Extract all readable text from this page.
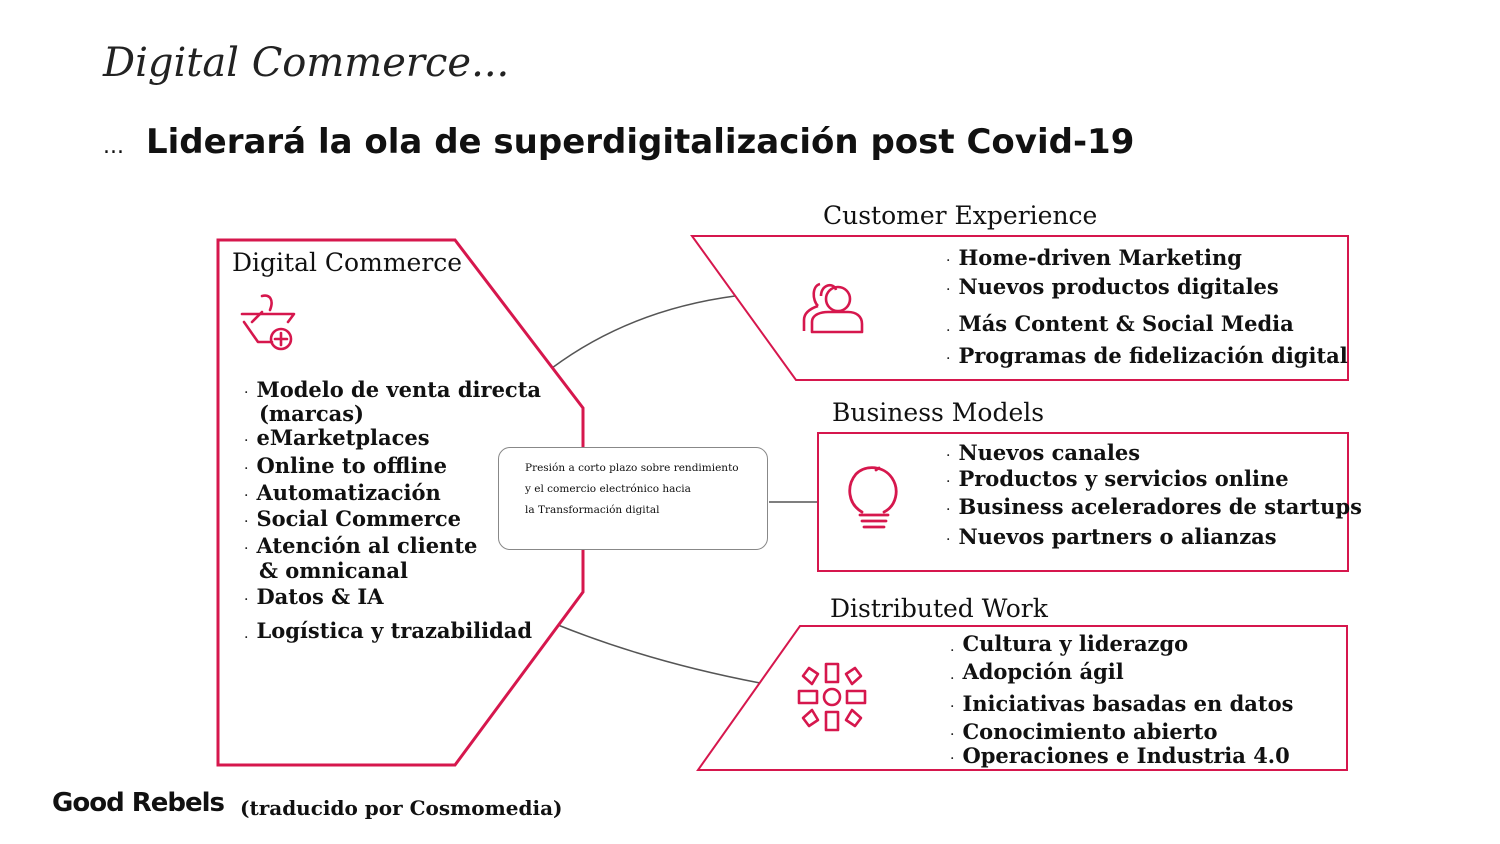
Digital Commerce...
... Liderará la ola de superdigitalización post Covid-19
Digital Commerce
· Modelo de venta directa
(marcas)
· eMarketplaces
· Online to offline
· Automatización
· Social Commerce
· Atención al cliente
& omnicanal
· Datos & IA
. Logística y trazabilidad
Presión a corto plazo sobre rendimiento
y el comercio electrónico hacia
la Transformación digital
Customer Experience
· Home-driven Marketing
· Nuevos productos digitales
. Más Content & Social Media
· Programas de fidelización digital
Business Models
· Nuevos canales
· Productos y servicios online
· Business aceleradores de startups
· Nuevos partners o alianzas
Distributed Work
. Cultura y liderazgo
. Adopción ágil
· Iniciativas basadas en datos
· Conocimiento abierto
· Operaciones e Industria 4.0
Good Rebels (traducido por Cosmomedia)
